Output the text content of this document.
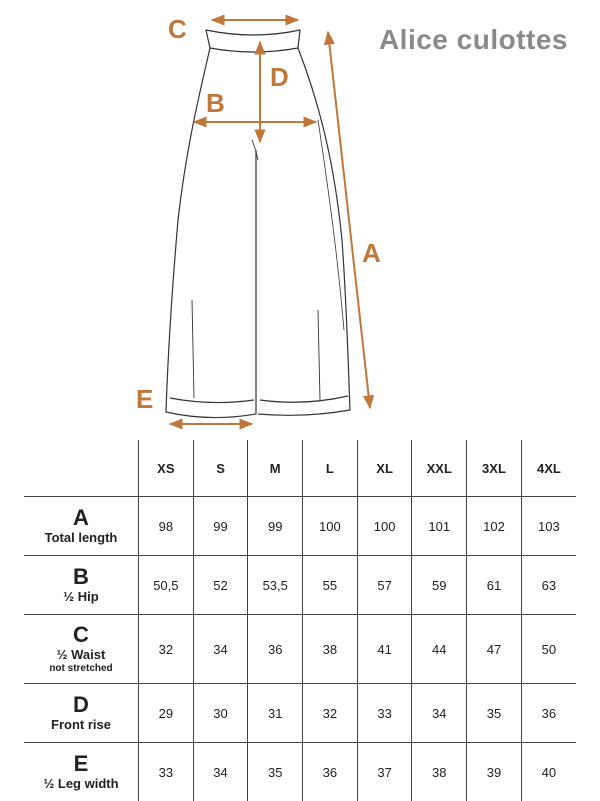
Alice culottes
C
D
B
A
E
	XS	S	M	L	XL	XXL	3XL	4XL

A
Total length	98	99	99	100	100	101	102	103

B
½ Hip	50,5	52	53,5	55	57	59	61	63

C
½ Waist
not stretched	32	34	36	38	41	44	47	50

D
Front rise	29	30	31	32	33	34	35	36

E
½ Leg width	33	34	35	36	37	38	39	40
